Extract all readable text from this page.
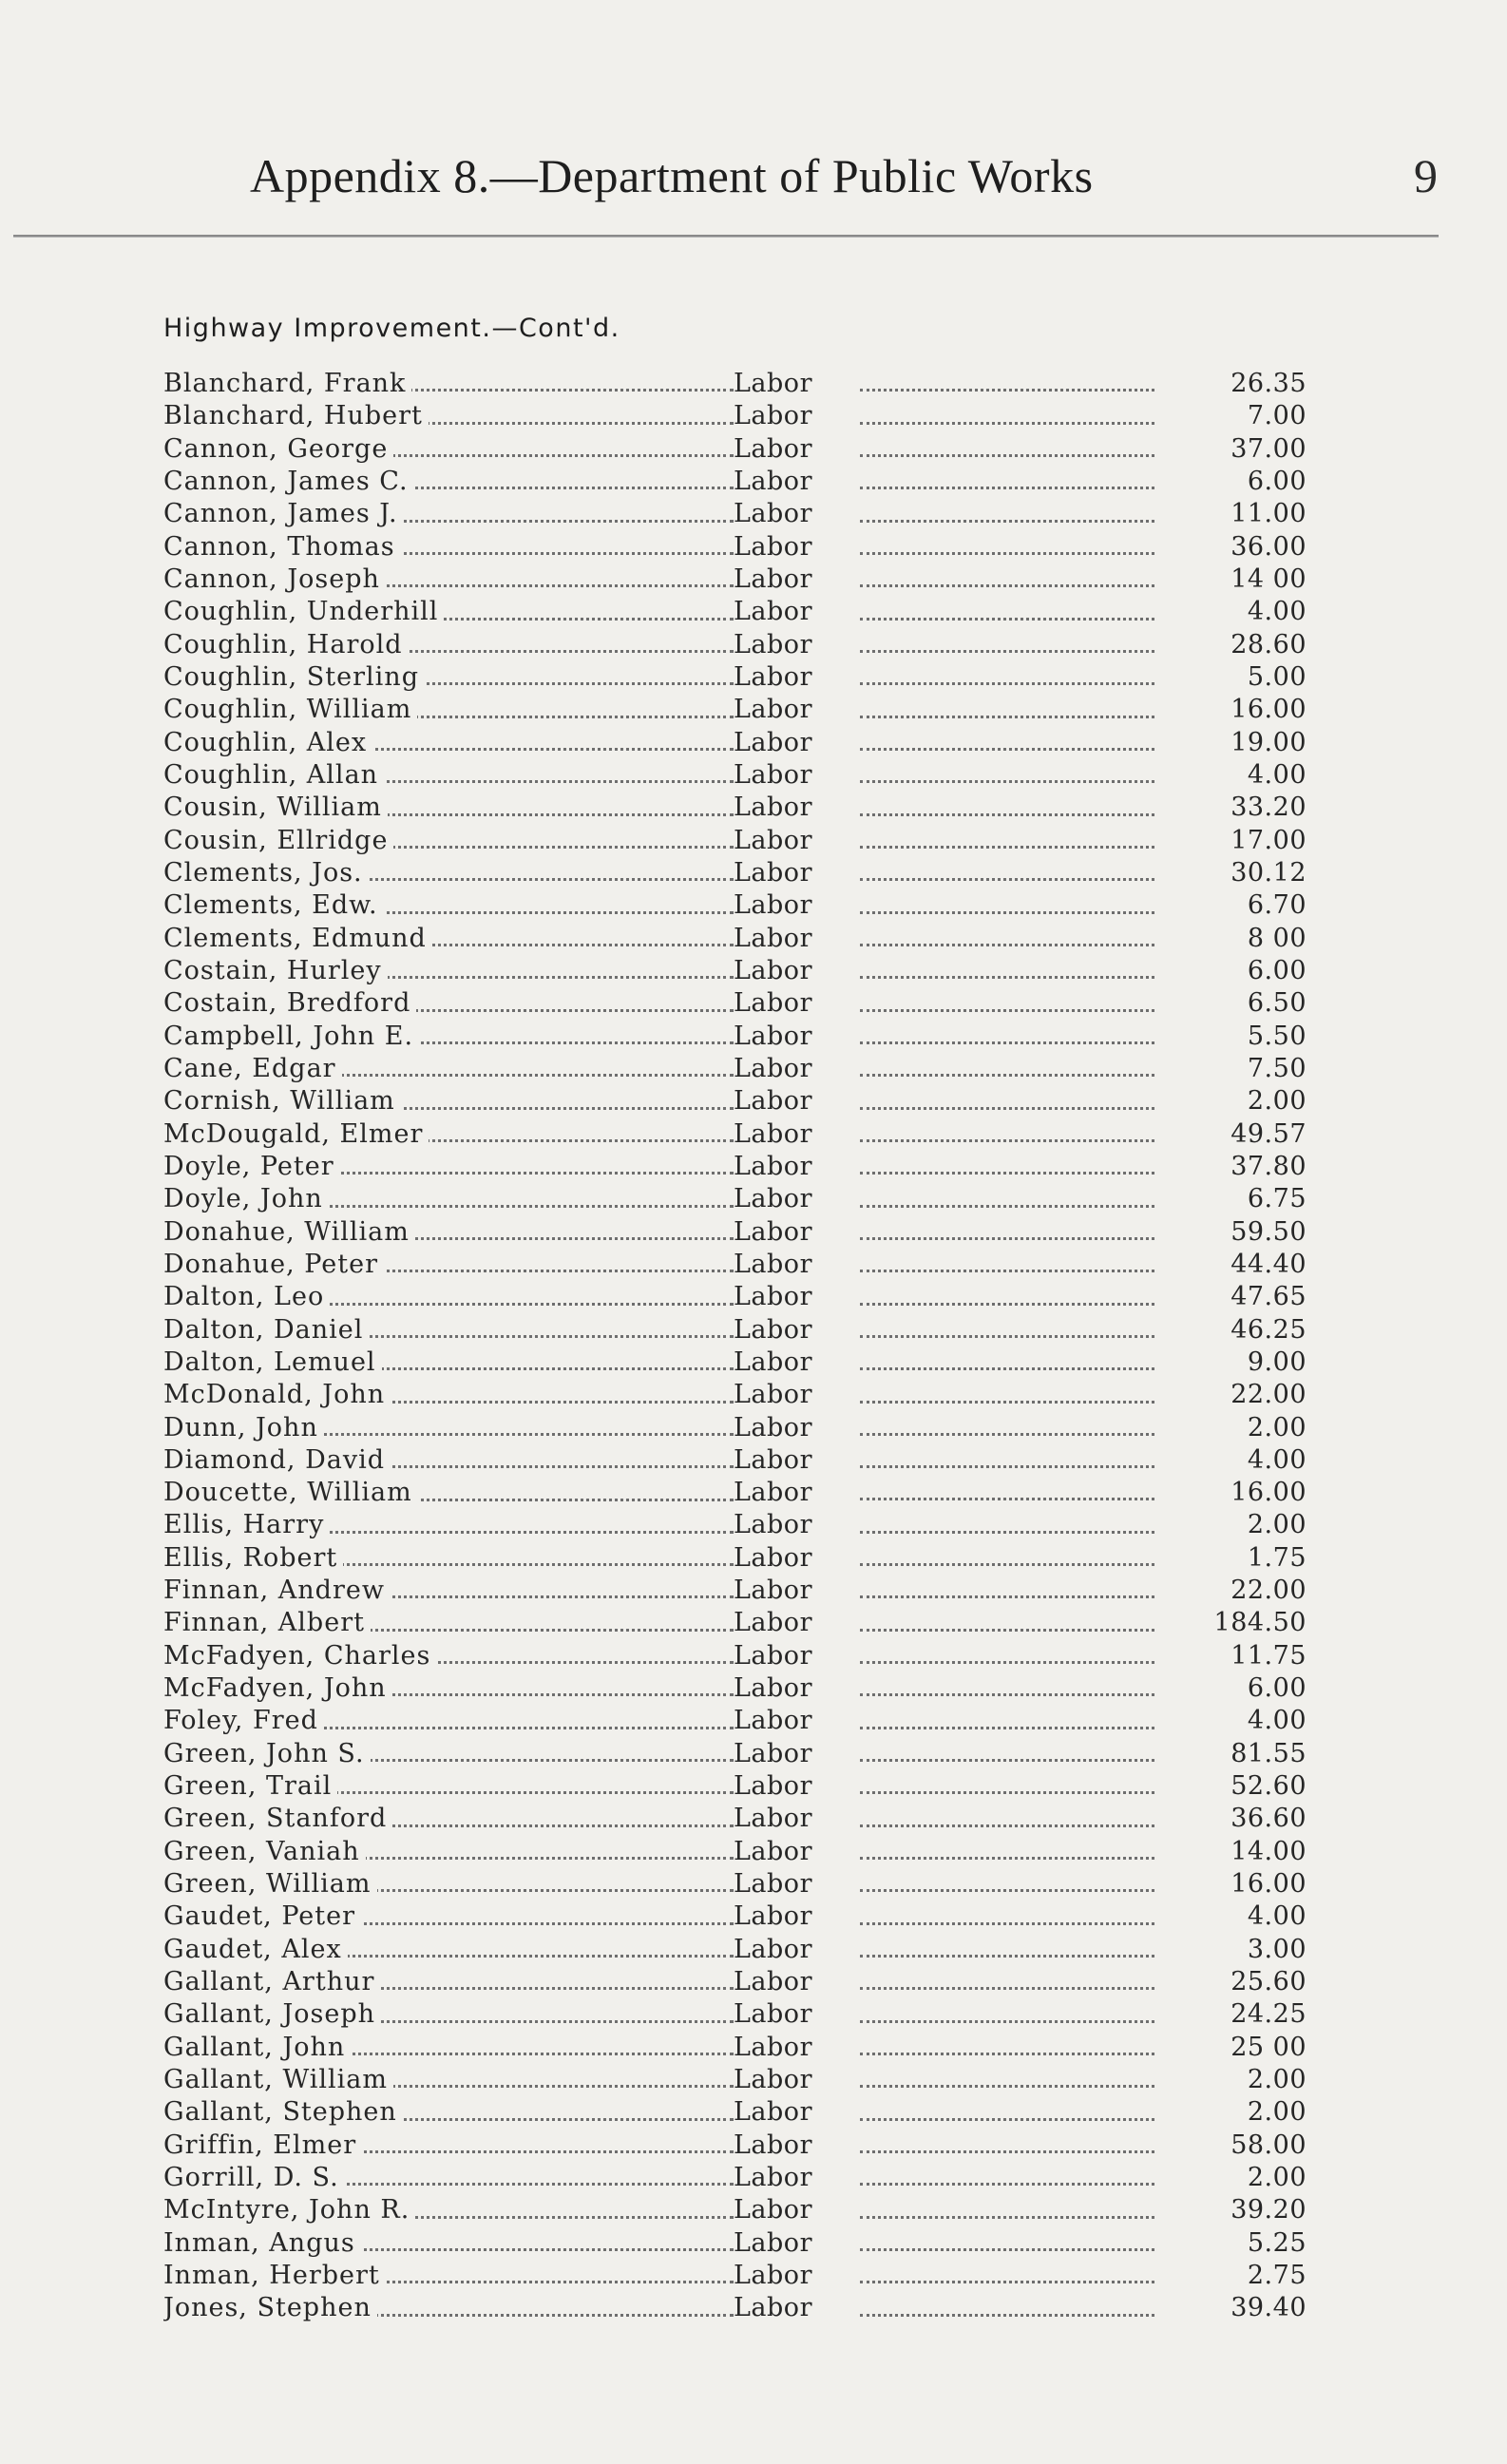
Appendix 8.—Department of Public Works	9
Highway Improvement.—Cont'd.
Blanchard, Frank	Labor	26.35
Blanchard, Hubert	Labor	7.00
Cannon, George	Labor	37.00
Cannon, James C.	Labor	6.00
Cannon, James J.	Labor	11.00
Cannon, Thomas	Labor	36.00
Cannon, Joseph	Labor	14 00
Coughlin, Underhill	Labor	4.00
Coughlin, Harold	Labor	28.60
Coughlin, Sterling	Labor	5.00
Coughlin, William	Labor	16.00
Coughlin, Alex	Labor	19.00
Coughlin, Allan	Labor	4.00
Cousin, William	Labor	33.20
Cousin, Ellridge	Labor	17.00
Clements, Jos.	Labor	30.12
Clements, Edw.	Labor	6.70
Clements, Edmund	Labor	8 00
Costain, Hurley	Labor	6.00
Costain, Bredford	Labor	6.50
Campbell, John E.	Labor	5.50
Cane, Edgar	Labor	7.50
Cornish, William	Labor	2.00
McDougald, Elmer	Labor	49.57
Doyle, Peter	Labor	37.80
Doyle, John	Labor	6.75
Donahue, William	Labor	59.50
Donahue, Peter	Labor	44.40
Dalton, Leo	Labor	47.65
Dalton, Daniel	Labor	46.25
Dalton, Lemuel	Labor	9.00
McDonald, John	Labor	22.00
Dunn, John	Labor	2.00
Diamond, David	Labor	4.00
Doucette, William	Labor	16.00
Ellis, Harry	Labor	2.00
Ellis, Robert	Labor	1.75
Finnan, Andrew	Labor	22.00
Finnan, Albert	Labor	184.50
McFadyen, Charles	Labor	11.75
McFadyen, John	Labor	6.00
Foley, Fred	Labor	4.00
Green, John S.	Labor	81.55
Green, Trail	Labor	52.60
Green, Stanford	Labor	36.60
Green, Vaniah	Labor	14.00
Green, William	Labor	16.00
Gaudet, Peter	Labor	4.00
Gaudet, Alex	Labor	3.00
Gallant, Arthur	Labor	25.60
Gallant, Joseph	Labor	24.25
Gallant, John	Labor	25 00
Gallant, William	Labor	2.00
Gallant, Stephen	Labor	2.00
Griffin, Elmer	Labor	58.00
Gorrill, D. S.	Labor	2.00
McIntyre, John R.	Labor	39.20
Inman, Angus	Labor	5.25
Inman, Herbert	Labor	2.75
Jones, Stephen	Labor	39.40
